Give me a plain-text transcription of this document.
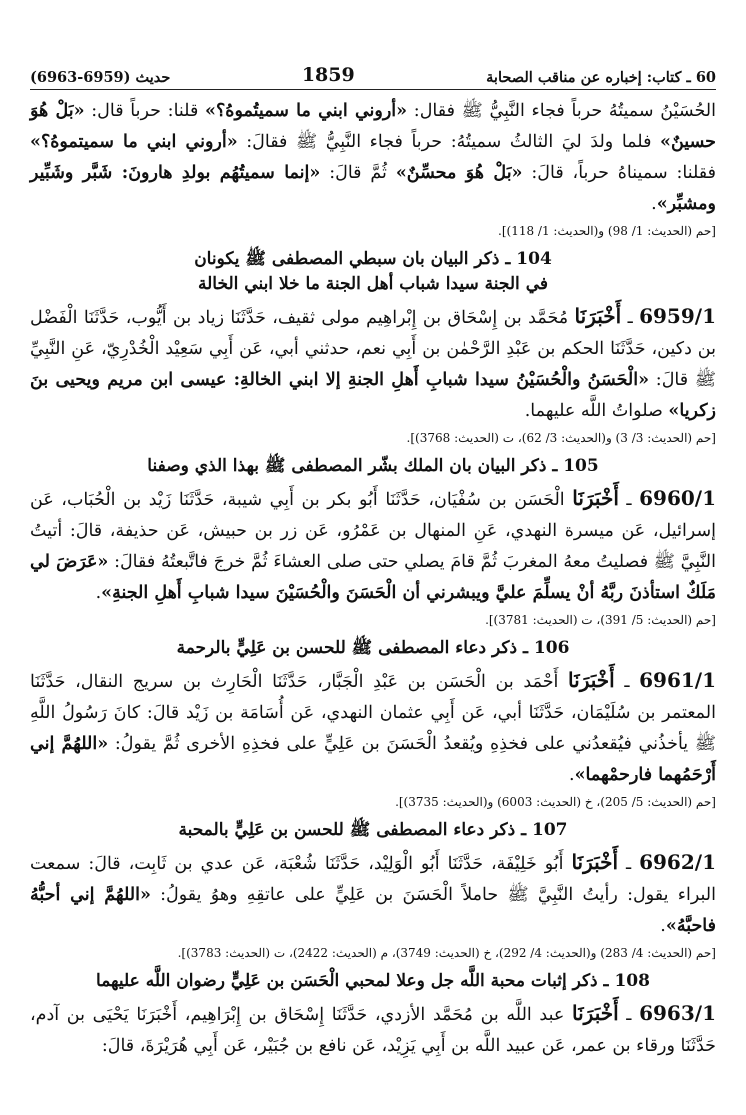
حديث (6959-6963)	1859	60 ـ كتاب: إخباره عن مناقب الصحابة

الحُسَيْنُ سميتُهُ حرباً فجاء النَّبِيُّ ﷺ فقال: «أروني ابني ما سميتُموهُ؟» قلنا: حرباً قال: «بَلْ هُوَ حسينٌ» فلما ولدَ ليَ الثالثُ سميتُهُ: حرباً فجاء النَّبِيُّ ﷺ فقالَ: «أروني ابني ما سميتموهُ؟» فقلنا: سميناهُ حرباً، قالَ: «بَلْ هُوَ محسِّنٌ» ثُمَّ قالَ: «إنما سميتُهُم بولدِ هارونَ: شَبَّر وشَبِّير ومشبِّر».

[حم (الحديث: 1/ 98) و(الحديث: 1/ 118)].

104 ـ ذكر البيان بان سبطي المصطفى ﷺ يكونان
في الجنة سيدا شباب أهل الجنة ما خلا ابني الخالة

6959/1 ـ أَخْبَرَنَا مُحَمَّد بن إِسْحَاق بن إِبْراهِيم مولى ثقيف، حَدَّثَنَا زياد بن أَيُّوب، حَدَّثَنَا الْفَضْل بن دكين، حَدَّثَنَا الحكم بن عَبْدِ الرَّحْمٰن بن أَبِي نعم، حدثني أبي، عَن أَبِي سَعِيْد الْخُدْرِيّ، عَنِ النَّبِيِّ ﷺ قالَ: «الْحَسَنُ والْحُسَيْنُ سيدا شبابِ أَهلِ الجنةِ إلا ابني الخالةِ: عيسى ابن مريم ويحيى بنَ زكريا» صلواتُ اللَّه عليهما.

[حم (الحديث: 3/ 3) و(الحديث: 3/ 62)، ت (الحديث: 3768)].

105 ـ ذكر البيان بان الملك بشّر المصطفى ﷺ بهذا الذي وصفنا

6960/1 ـ أَخْبَرَنَا الْحَسَن بن سُفْيَان، حَدَّثَنَا أَبُو بكر بن أَبِي شيبة، حَدَّثَنَا زَيْد بن الْحُبَاب، عَن إسرائيل، عَن ميسرة النهدي، عَنِ المنهال بن عَمْرُو، عَن زر بن حبيش، عَن حذيفة، قالَ: أتيتُ النَّبِيَّ ﷺ فصليتُ معهُ المغربَ ثُمَّ قامَ يصلي حتى صلى العشاءَ ثُمَّ خرجَ فاتَّبعتُهُ فقالَ: «عَرَضَ لي مَلَكٌ استأذنَ ربَّهُ أنْ يسلِّمَ عليَّ ويبشرني أن الْحَسَنَ والْحُسَيْنَ سيدا شبابِ أَهلِ الجنةِ».

[حم (الحديث: 5/ 391)، ت (الحديث: 3781)].

106 ـ ذكر دعاء المصطفى ﷺ للحسن بن عَلِيٍّ بالرحمة

6961/1 ـ أَخْبَرَنَا أَحْمَد بن الْحَسَن بن عَبْدِ الْجَبَّار، حَدَّثَنَا الْحَارِث بن سريج النقال، حَدَّثَنَا المعتمر بن سُلَيْمَان، حَدَّثَنَا أبي، عَن أَبِي عثمان النهدي، عَن أُسَامَة بن زَيْد قالَ: كانَ رَسُولُ اللَّهِ ﷺ يأخذُني فيُقعدُني على فخذِهِ ويُقعدُ الْحَسَنَ بن عَلِيٍّ على فخذِهِ الأخرى ثُمَّ يقولُ: «اللهُمَّ إني أَرْحَمُهما فارحمْهما».

[حم (الحديث: 5/ 205)، خ (الحديث: 6003) و(الحديث: 3735)].

107 ـ ذكر دعاء المصطفى ﷺ للحسن بن عَلِيٍّ بالمحبة

6962/1 ـ أَخْبَرَنَا أَبُو خَلِيْفَة، حَدَّثَنَا أَبُو الْوَلِيْد، حَدَّثَنَا شُعْبَة، عَن عدي بن ثَابِت، قالَ: سمعت البراء يقول: رأيتُ النَّبِيَّ ﷺ حاملاً الْحَسَنَ بن عَلِيٍّ على عاتقِهِ وهوُ يقولُ: «اللهُمَّ إني أحبُّهُ فاحبَّهُ».

[حم (الحديث: 4/ 283) و(الحديث: 4/ 292)، خ (الحديث: 3749)، م (الحديث: 2422)، ت (الحديث: 3783)].

108 ـ ذكر إثبات محبة اللَّه جل وعلا لمحبي الْحَسَن بن عَلِيٍّ رضوان اللَّه عليهما

6963/1 ـ أَخْبَرَنَا عبد اللَّه بن مُحَمَّد الأزدي، حَدَّثَنَا إِسْحَاق بن إِبْرَاهِيم، أَخْبَرَنَا يَحْيَى بن آدم، حَدَّثَنَا ورقاء بن عمر، عَن عبيد اللَّه بن أَبِي يَزِيْد، عَن نافع بن جُبَيْر، عَن أَبِي هُرَيْرَةَ، قالَ:
